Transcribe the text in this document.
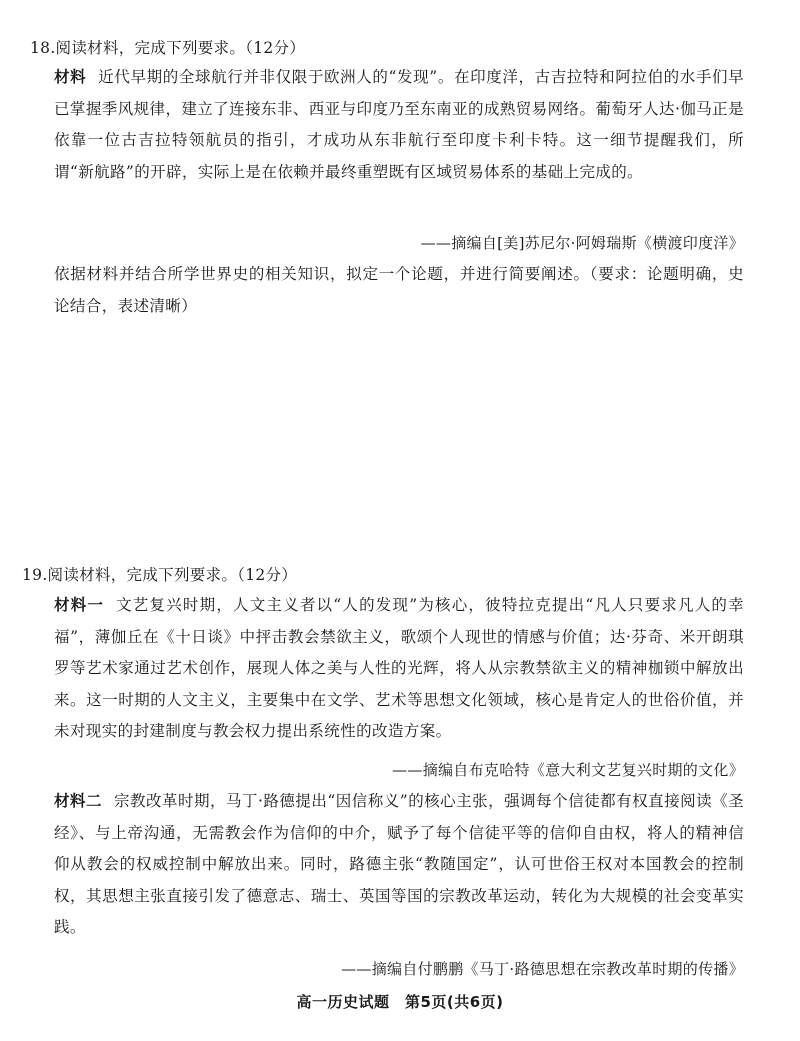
18.阅读材料，完成下列要求。（12分）
材料 近代早期的全球航行并非仅限于欧洲人的“发现”。在印度洋，古吉拉特和阿拉伯的水手们早已掌握季风规律，建立了连接东非、西亚与印度乃至东南亚的成熟贸易网络。葡萄牙人达·伽马正是依靠一位古吉拉特领航员的指引，才成功从东非航行至印度卡利卡特。这一细节提醒我们，所谓“新航路”的开辟，实际上是在依赖并最终重塑既有区域贸易体系的基础上完成的。
——摘编自[美]苏尼尔·阿姆瑞斯《横渡印度洋》
依据材料并结合所学世界史的相关知识，拟定一个论题，并进行简要阐述。（要求：论题明确，史论结合，表述清晰）
19.阅读材料，完成下列要求。（12分）
材料一 文艺复兴时期，人文主义者以“人的发现”为核心，彼特拉克提出“凡人只要求凡人的幸福”，薄伽丘在《十日谈》中抨击教会禁欲主义，歌颂个人现世的情感与价值；达·芬奇、米开朗琪罗等艺术家通过艺术创作，展现人体之美与人性的光辉，将人从宗教禁欲主义的精神枷锁中解放出来。这一时期的人文主义，主要集中在文学、艺术等思想文化领域，核心是肯定人的世俗价值，并未对现实的封建制度与教会权力提出系统性的改造方案。
——摘编自布克哈特《意大利文艺复兴时期的文化》
材料二 宗教改革时期，马丁·路德提出“因信称义”的核心主张，强调每个信徒都有权直接阅读《圣经》、与上帝沟通，无需教会作为信仰的中介，赋予了每个信徒平等的信仰自由权，将人的精神信仰从教会的权威控制中解放出来。同时，路德主张“教随国定”，认可世俗王权对本国教会的控制权，其思想主张直接引发了德意志、瑞士、英国等国的宗教改革运动，转化为大规模的社会变革实践。
——摘编自付鹏鹏《马丁·路德思想在宗教改革时期的传播》
高一历史试题　第5页(共6页)
